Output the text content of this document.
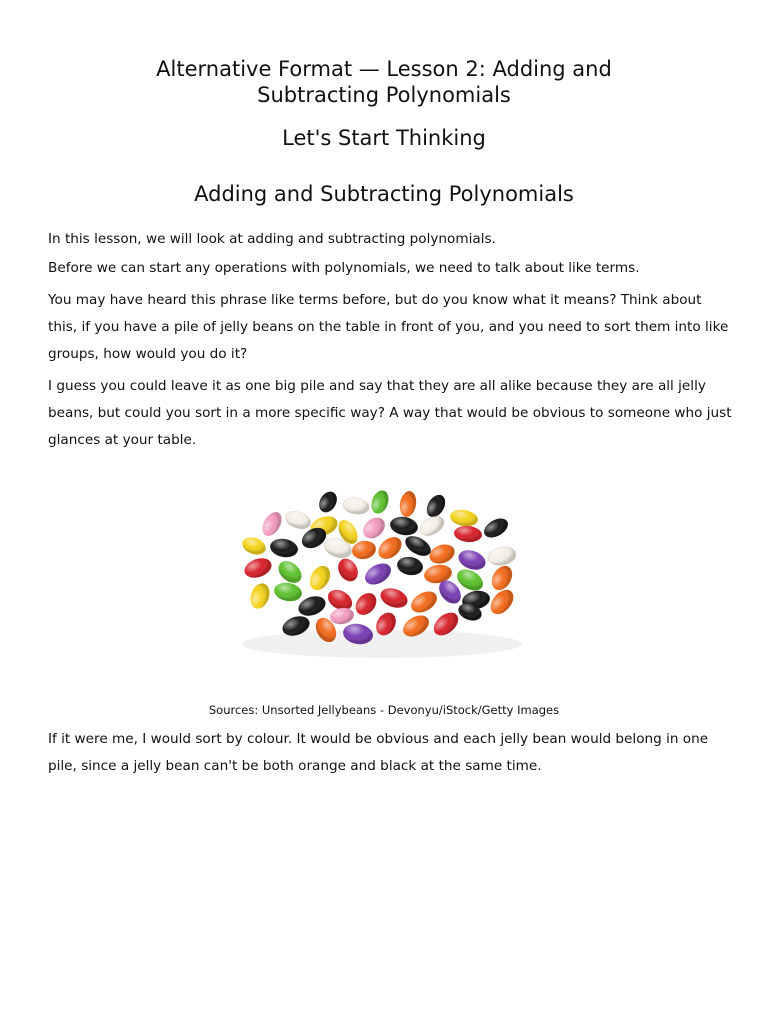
Alternative Format — Lesson 2: Adding and
Subtracting Polynomials
Let's Start Thinking
Adding and Subtracting Polynomials

In this lesson, we will look at adding and subtracting polynomials.

Before we can start any operations with polynomials, we need to talk about like terms.

You may have heard this phrase like terms before, but do you know what it means? Think about
this, if you have a pile of jelly beans on the table in front of you, and you need to sort them into like
groups, how would you do it?

I guess you could leave it as one big pile and say that they are all alike because they are all jelly
beans, but could you sort in a more specific way? A way that would be obvious to someone who just
glances at your table.

Sources: Unsorted Jellybeans - Devonyu/iStock/Getty Images

If it were me, I would sort by colour. It would be obvious and each jelly bean would belong in one
pile, since a jelly bean can't be both orange and black at the same time.
